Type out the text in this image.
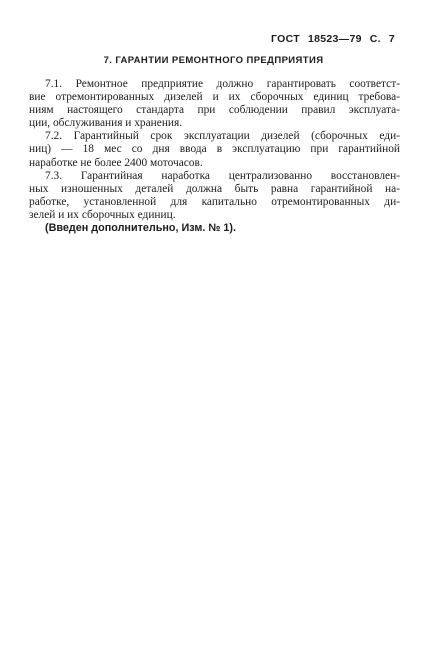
ГОСТ 18523—79 С. 7
7. ГАРАНТИИ РЕМОНТНОГО ПРЕДПРИЯТИЯ

7.1. Ремонтное предприятие должно гарантировать соответст-
вие отремонтированных дизелей и их сборочных единиц требова-
ниям настоящего стандарта при соблюдении правил эксплуата-
ции, обслуживания и хранения.

7.2. Гарантийный срок эксплуатации дизелей (сборочных еди-
ниц) — 18 мес со дня ввода в эксплуатацию при гарантийной
наработке не более 2400 моточасов.

7.3. Гарантийная наработка централизованно восстановлен-
ных изношенных деталей должна быть равна гарантийной на-
работке, установленной для капитально отремонтированных ди-
зелей и их сборочных единиц.

(Введен дополнительно, Изм. № 1).
